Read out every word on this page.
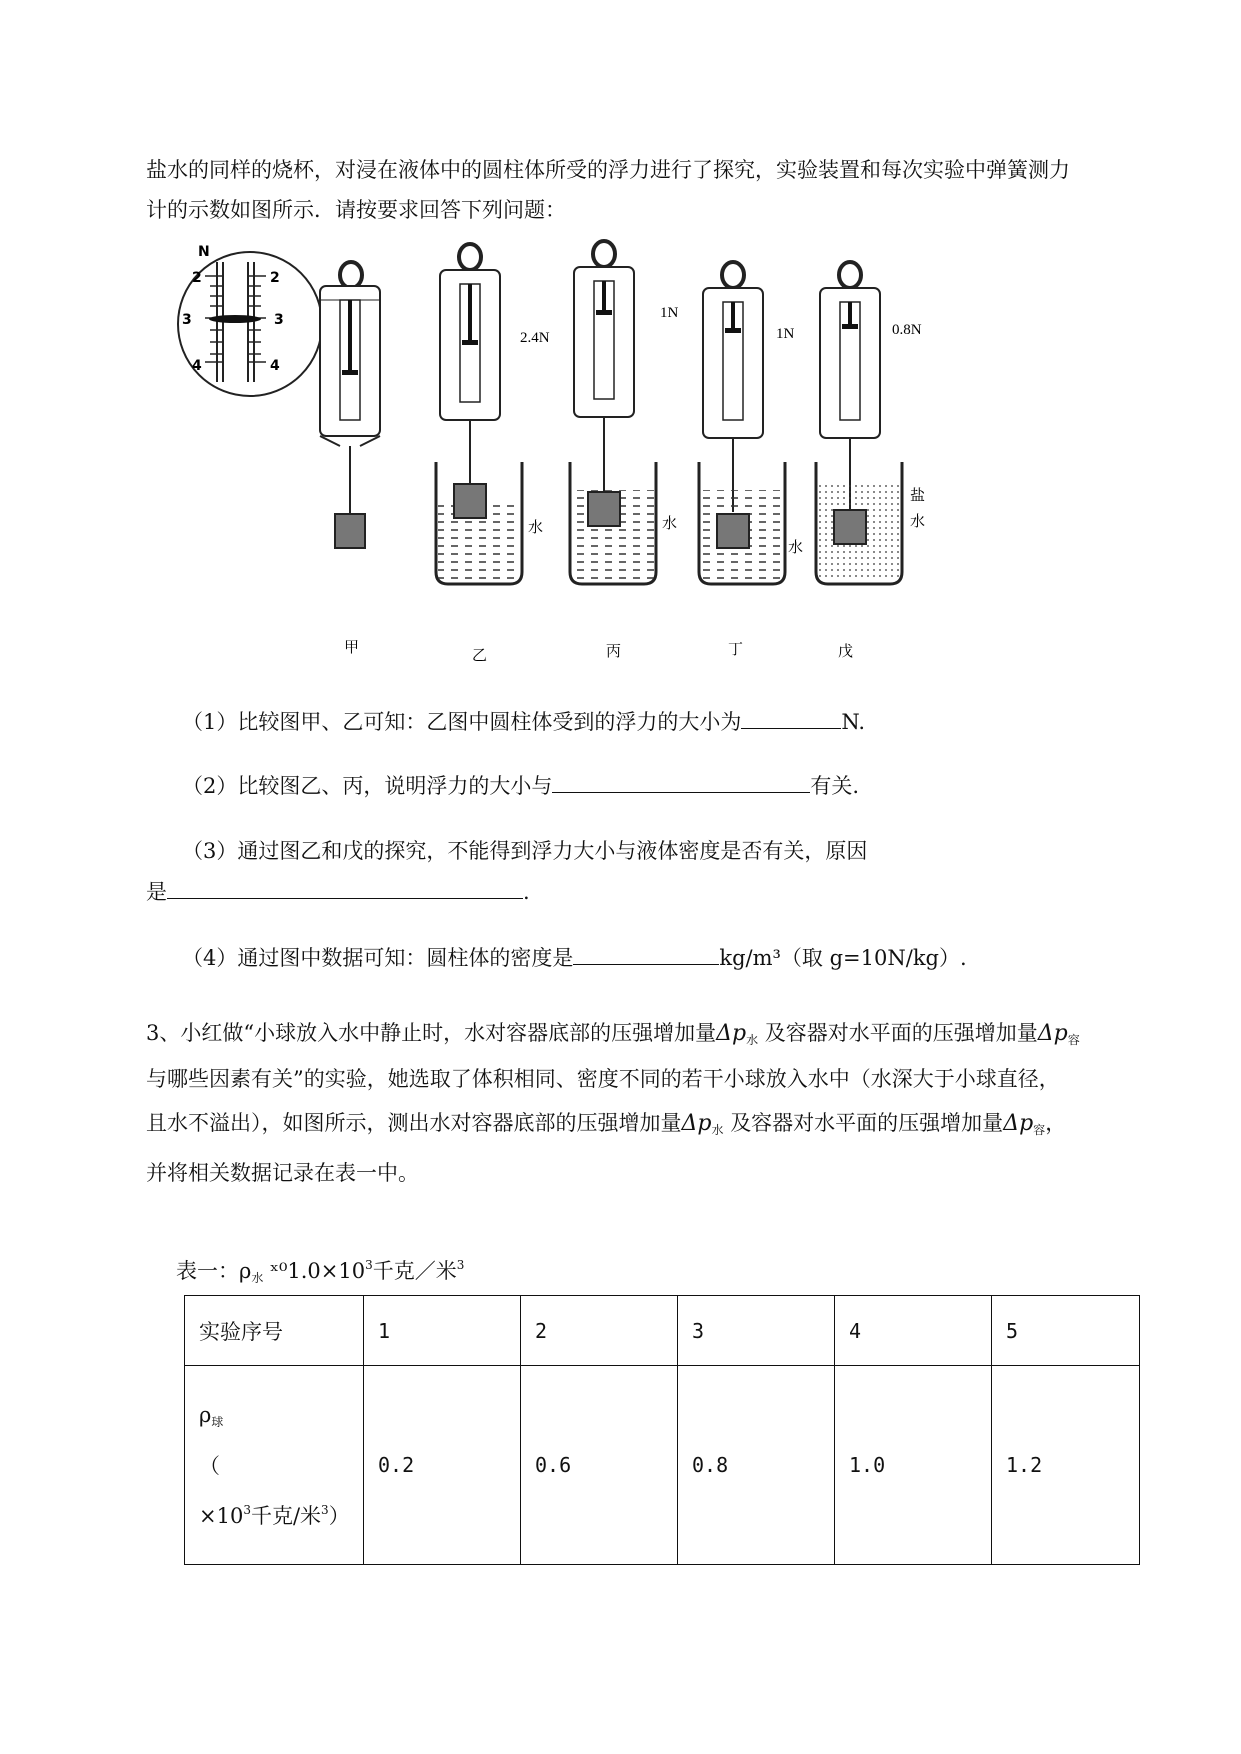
盐水的同样的烧杯，对浸在液体中的圆柱体所受的浮力进行了探究，实验装置和每次实验中弹簧测力
计的示数如图所示．请按要求回答下列问题：
N
2
3
4
2
3
4
2.4N
1N
1N	0.8N
水	水
水
盐
水
甲	乙	丙	丁	戊
（1）比较图甲、乙可知：乙图中圆柱体受到的浮力的大小为	N.
（2）比较图乙、丙，说明浮力的大小与	有关.
（3）通过图乙和戊的探究，不能得到浮力大小与液体密度是否有关，原因
是	.
（4）通过图中数据可知：圆柱体的密度是	kg/m³（取 g=10N/kg）.
3、小红做“小球放入水中静止时，水对容器底部的压强增加量$\Delta p_水$ 及容器对水平面的压强增加量$\Delta p_容$
与哪些因素有关”的实验，她选取了体积相同、密度不同的若干小球放入水中（水深大于小球直径，
且水不溢出），如图所示，测出水对容器底部的压强增加量$\Delta p_水$ 及容器对水平面的压强增加量$\Delta p_容$，
并将相关数据记录在表一中。
表一：$\rho_水$ $ˣ^01.0\times 10^3$千克／米$^3$
实验序号	1	2	3	4	5

$\rho_球$
（
$\times 10^3$千克/米$^3$）	0.2	0.6	0.8	1.0	1.2
